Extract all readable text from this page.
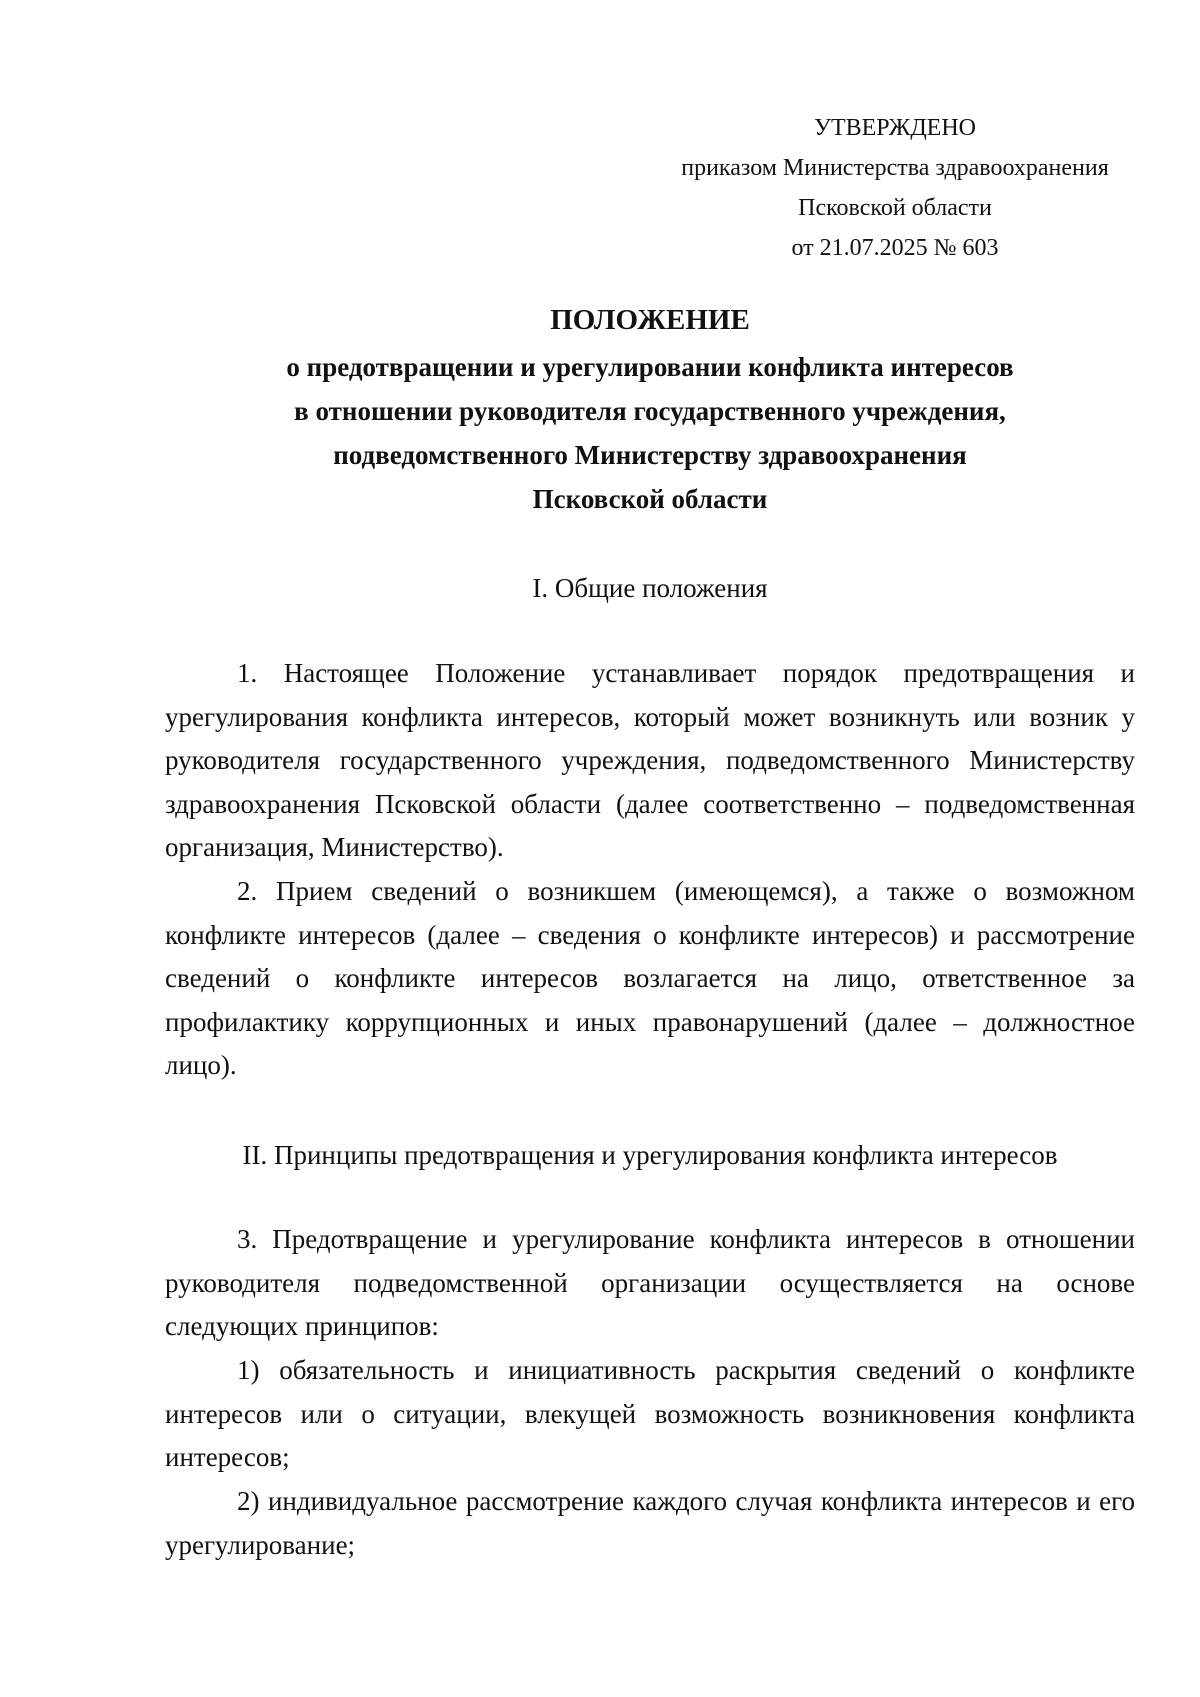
УТВЕРЖДЕНО
приказом Министерства здравоохранения
Псковской области
от 21.07.2025 № 603
ПОЛОЖЕНИЕ
о предотвращении и урегулировании конфликта интересов
в отношении руководителя государственного учреждения,
подведомственного Министерству здравоохранения
Псковской области
I. Общие положения

1. Настоящее Положение устанавливает порядок предотвращения и урегулирования конфликта интересов, который может возникнуть или возник у руководителя государственного учреждения, подведомственного Министерству здравоохранения Псковской области (далее соответственно – подведомственная организация, Министерство).

2. Прием сведений о возникшем (имеющемся), а также о возможном конфликте интересов (далее – сведения о конфликте интересов) и рассмотрение сведений о конфликте интересов возлагается на лицо, ответственное за профилактику коррупционных и иных правонарушений (далее – должностное лицо).

II. Принципы предотвращения и урегулирования конфликта интересов

3. Предотвращение и урегулирование конфликта интересов в отношении руководителя подведомственной организации осуществляется на основе следующих принципов:

1) обязательность и инициативность раскрытия сведений о конфликте интересов или о ситуации, влекущей возможность возникновения конфликта интересов;

2) индивидуальное рассмотрение каждого случая конфликта интересов и его урегулирование;
